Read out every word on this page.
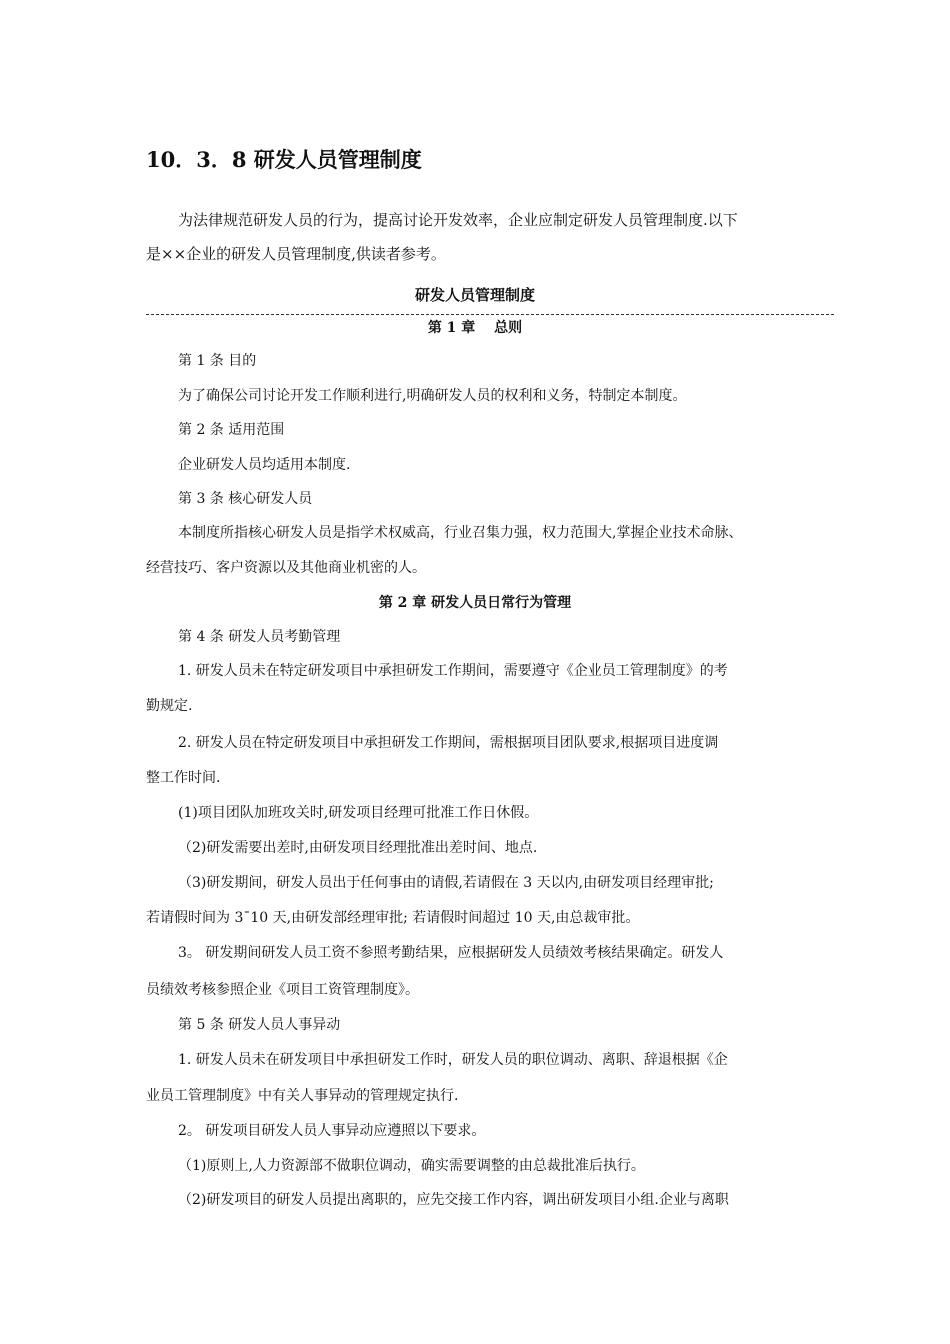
10．3．8 研发人员管理制度
为法律规范研发人员的行为，提高讨论开发效率，企业应制定研发人员管理制度.以下
是××企业的研发人员管理制度,供读者参考。
研发人员管理制度
第 1 章　 总则
第 1 条 目的
为了确保公司讨论开发工作顺利进行,明确研发人员的权利和义务，特制定本制度。
第 2 条 适用范围
企业研发人员均适用本制度.
第 3 条 核心研发人员
本制度所指核心研发人员是指学术权威高，行业召集力强，权力范围大,掌握企业技术命脉、
经营技巧、客户资源以及其他商业机密的人。
第 2 章 研发人员日常行为管理
第 4 条 研发人员考勤管理
1. 研发人员未在特定研发项目中承担研发工作期间，需要遵守《企业员工管理制度》的考
勤规定.
2. 研发人员在特定研发项目中承担研发工作期间，需根据项目团队要求,根据项目进度调
整工作时间.
(1)项目团队加班攻关时,研发项目经理可批准工作日休假。
（2)研发需要出差时,由研发项目经理批准出差时间、地点.
（3)研发期间，研发人员出于任何事由的请假,若请假在 3 天以内,由研发项目经理审批;
若请假时间为 3¯10 天,由研发部经理审批; 若请假时间超过 10 天,由总裁审批。
3。 研发期间研发人员工资不参照考勤结果，应根据研发人员绩效考核结果确定。研发人
员绩效考核参照企业《项目工资管理制度》。
第 5 条 研发人员人事异动
1. 研发人员未在研发项目中承担研发工作时，研发人员的职位调动、离职、辞退根据《企
业员工管理制度》中有关人事异动的管理规定执行.
2。 研发项目研发人员人事异动应遵照以下要求。
（1)原则上,人力资源部不做职位调动，确实需要调整的由总裁批准后执行。
（2)研发项目的研发人员提出离职的，应先交接工作内容，调出研发项目小组.企业与离职
